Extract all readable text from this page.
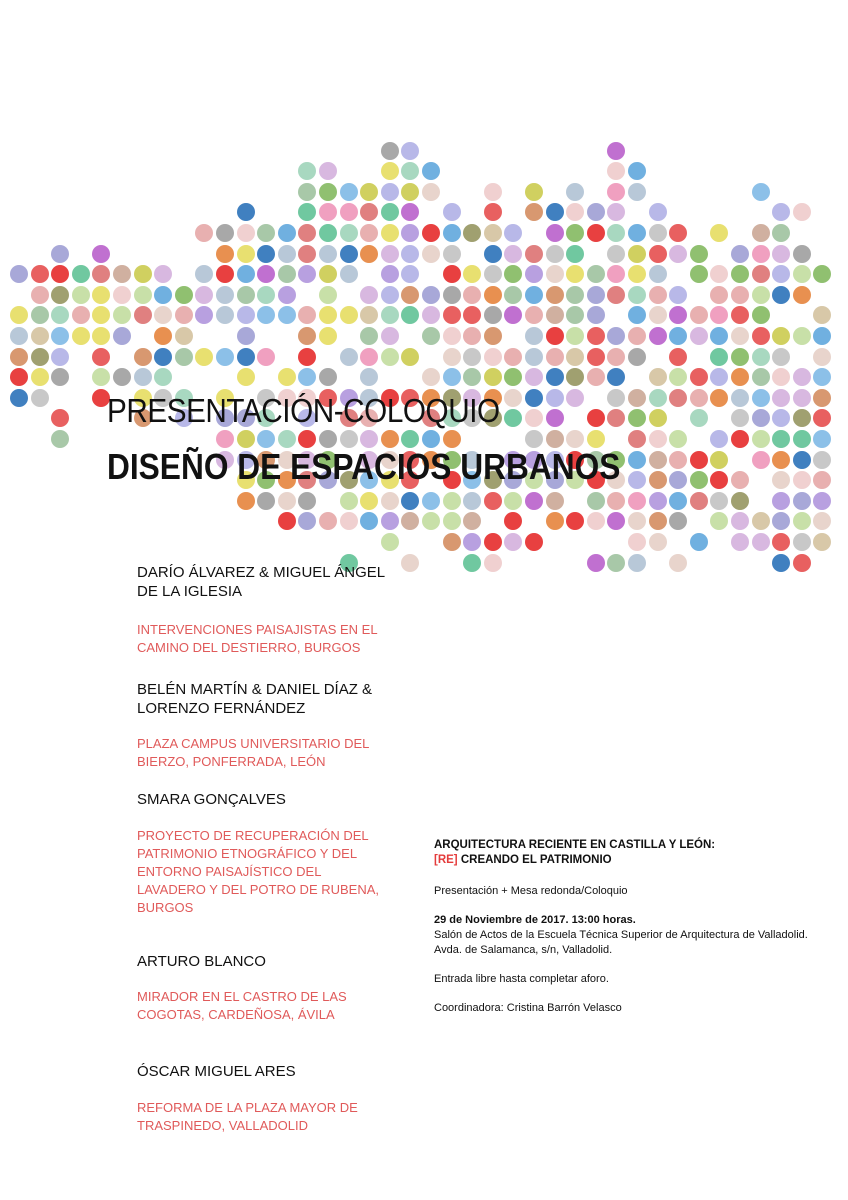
PRESENTACIÓN-COLOQUIO
DISEÑO DE ESPACIOS URBANOS
DARÍO ÁLVAREZ & MIGUEL ÁNGEL DE LA IGLESIA
INTERVENCIONES PAISAJISTAS EN EL CAMINO DEL DESTIERRO, BURGOS
BELÉN MARTÍN & DANIEL DÍAZ & LORENZO FERNÁNDEZ
PLAZA CAMPUS UNIVERSITARIO DEL BIERZO, PONFERRADA, LEÓN
SMARA GONÇALVES
PROYECTO DE RECUPERACIÓN DEL PATRIMONIO ETNOGRÁFICO Y DEL ENTORNO PAISAJÍSTICO DEL LAVADERO Y DEL POTRO DE RUBENA, BURGOS
ARTURO BLANCO
MIRADOR EN EL CASTRO DE LAS COGOTAS, CARDEÑOSA, ÁVILA
ÓSCAR MIGUEL ARES
REFORMA DE LA PLAZA MAYOR DE TRASPINEDO, VALLADOLID

ARQUITECTURA RECIENTE EN CASTILLA Y LEÓN:

[RE] CREANDO EL PATRIMONIO

Presentación + Mesa redonda/Coloquio

29 de Noviembre de 2017. 13:00 horas.

Salón de Actos de la Escuela Técnica Superior de Arquitectura de Valladolid. Avda. de Salamanca, s/n, Valladolid.

Entrada libre hasta completar aforo.

Coordinadora: Cristina Barrón Velasco
